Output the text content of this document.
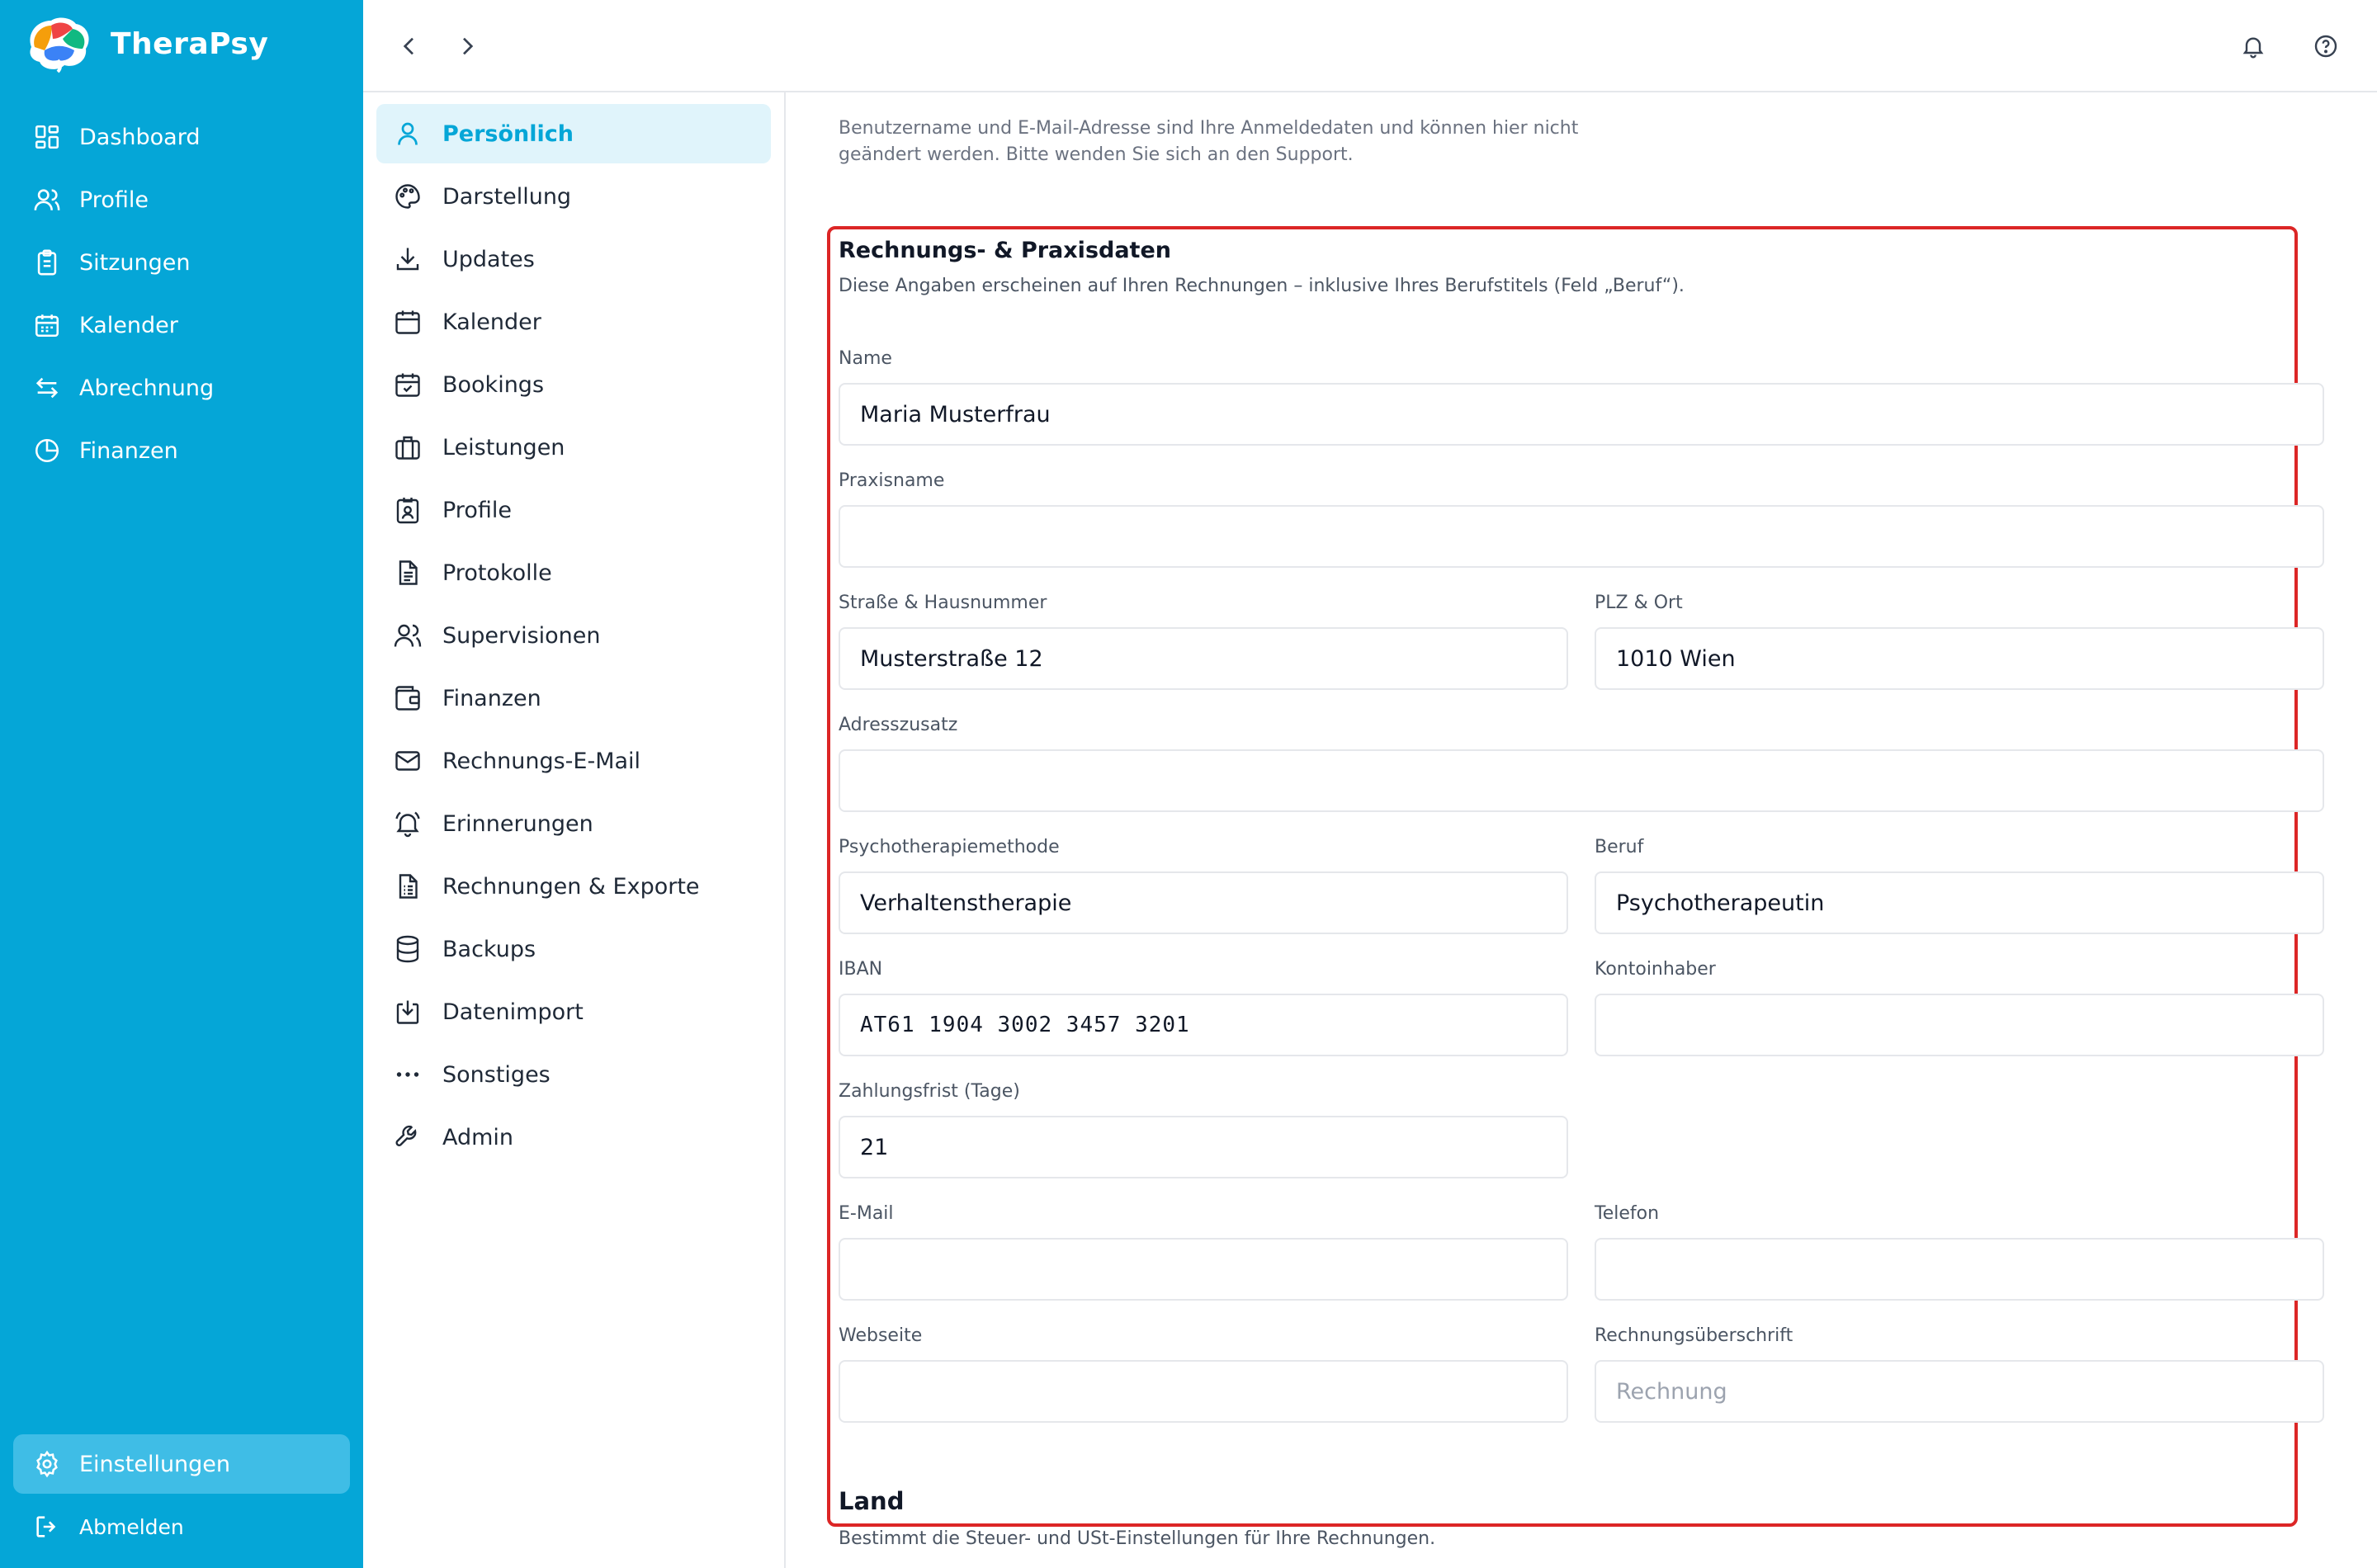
TheraPsy
Dashboard
Profile
Sitzungen
Kalender
Abrechnung
Finanzen
Einstellungen
Abmelden
Persönlich
Darstellung
Updates
Kalender
Bookings
Leistungen
Profile
Protokolle
Supervisionen
Finanzen
Rechnungs-E-Mail
Erinnerungen
Rechnungen & Exporte
Backups
Datenimport
Sonstiges
Admin

Benutzername und E-Mail-Adresse sind Ihre Anmeldedaten und können hier nicht geändert werden. Bitte wenden Sie sich an den Support.

Rechnungs- & Praxisdaten
Diese Angaben erscheinen auf Ihren Rechnungen – inklusive Ihres Berufstitels (Feld „Beruf“).
Name
Maria Musterfrau
Praxisname
Straße & Hausnummer
Musterstraße 12
PLZ & Ort
1010 Wien
Adresszusatz
Psychotherapiemethode
Verhaltenstherapie
Beruf
Psychotherapeutin
IBAN
AT61 1904 3002 3457 3201
Kontoinhaber
Zahlungsfrist (Tage)
21
E-Mail	Telefon
Webseite	Rechnungsüberschrift
Rechnung
Land
Bestimmt die Steuer- und USt-Einstellungen für Ihre Rechnungen.
